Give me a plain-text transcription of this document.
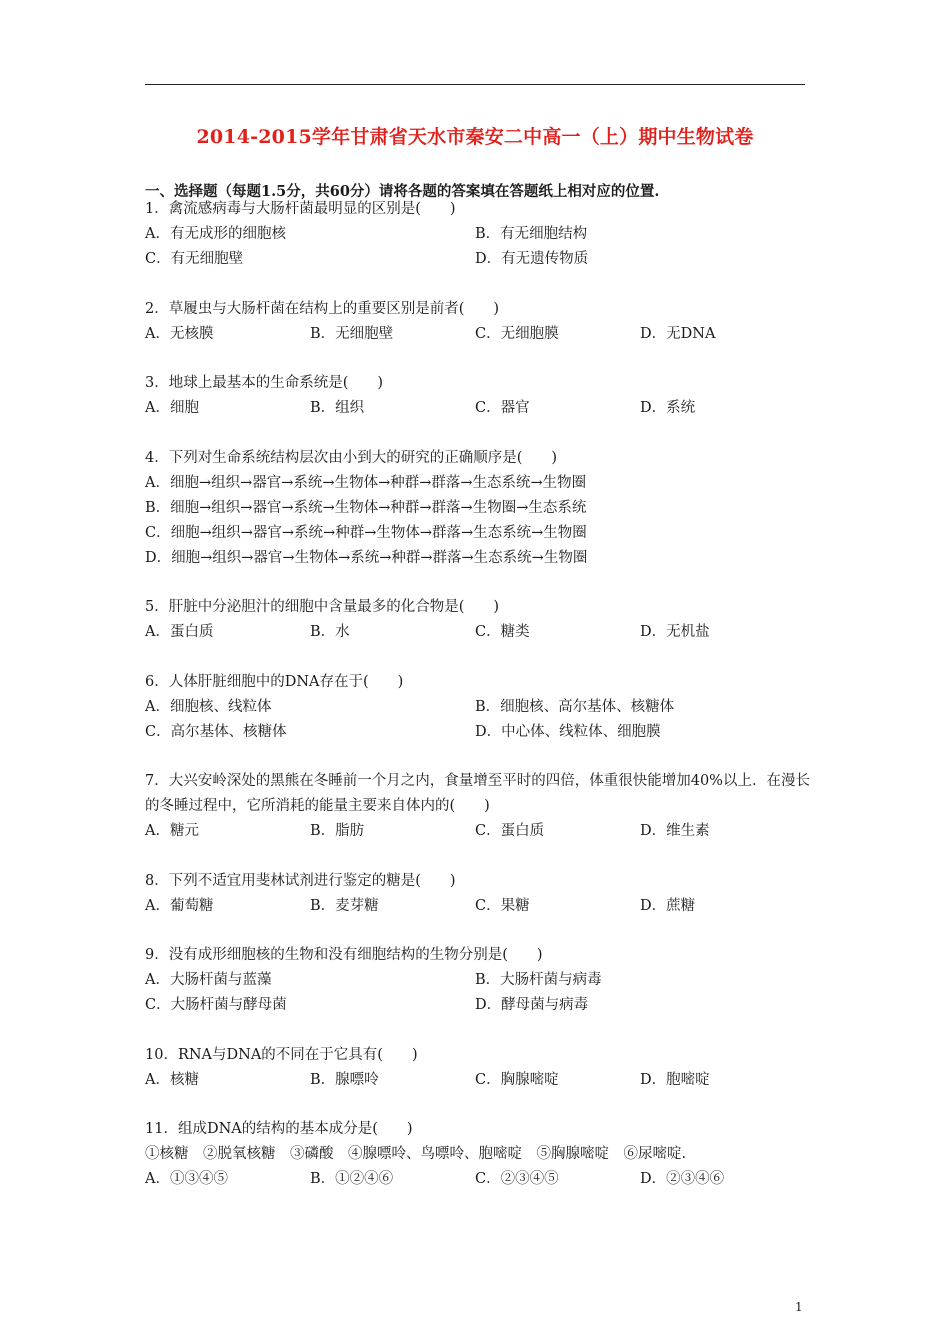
2014-2015学年甘肃省天水市秦安二中高一（上）期中生物试卷
一、选择题（每题1.5分，共60分）请将各题的答案填在答题纸上相对应的位置.
1．禽流感病毒与大肠杆菌最明显的区别是(　　)
A．有无成形的细胞核	B．有无细胞结构
C．有无细胞壁	D．有无遗传物质
2．草履虫与大肠杆菌在结构上的重要区别是前者(　　)
A．无核膜	B．无细胞壁	C．无细胞膜	D．无DNA
3．地球上最基本的生命系统是(　　)
A．细胞	B．组织	C．器官	D．系统
4．下列对生命系统结构层次由小到大的研究的正确顺序是(　　)
A．细胞→组织→器官→系统→生物体→种群→群落→生态系统→生物圈
B．细胞→组织→器官→系统→生物体→种群→群落→生物圈→生态系统
C．细胞→组织→器官→系统→种群→生物体→群落→生态系统→生物圈
D．细胞→组织→器官→生物体→系统→种群→群落→生态系统→生物圈
5．肝脏中分泌胆汁的细胞中含量最多的化合物是(　　)
A．蛋白质	B．水	C．糖类	D．无机盐
6．人体肝脏细胞中的DNA存在于(　　)
A．细胞核、线粒体	B．细胞核、高尔基体、核糖体
C．高尔基体、核糖体	D．中心体、线粒体、细胞膜
7．大兴安岭深处的黑熊在冬睡前一个月之内，食量增至平时的四倍，体重很快能增加40%以上．在漫长的冬睡过程中，它所消耗的能量主要来自体内的(　　)
A．糖元	B．脂肪	C．蛋白质	D．维生素
8．下列不适宜用斐林试剂进行鉴定的糖是(　　)
A．葡萄糖	B．麦芽糖	C．果糖	D．蔗糖
9．没有成形细胞核的生物和没有细胞结构的生物分别是(　　)
A．大肠杆菌与蓝藻	B．大肠杆菌与病毒
C．大肠杆菌与酵母菌	D．酵母菌与病毒
10．RNA与DNA的不同在于它具有(　　)
A．核糖	B．腺嘌呤	C．胸腺嘧啶	D．胞嘧啶
11．组成DNA的结构的基本成分是(　　)
①核糖　②脱氧核糖　③磷酸　④腺嘌呤、鸟嘌呤、胞嘧啶　⑤胸腺嘧啶　⑥尿嘧啶.
A．①③④⑤	B．①②④⑥	C．②③④⑤	D．②③④⑥
1
